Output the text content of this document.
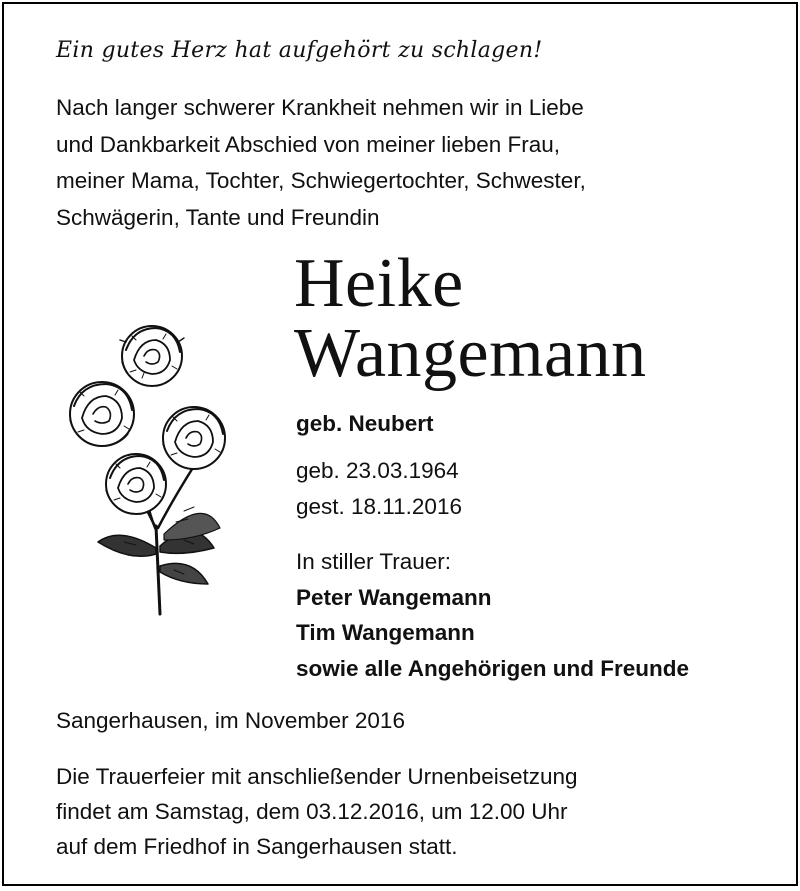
Ein gutes Herz hat aufgehört zu schlagen!
Nach langer schwerer Krankheit nehmen wir in Liebe
und Dankbarkeit Abschied von meiner lieben Frau,
meiner Mama, Tochter, Schwiegertochter, Schwester,
Schwägerin, Tante und Freundin
Heike
Wangemann
geb. Neubert
geb. 23.03.1964
gest. 18.11.2016
In stiller Trauer:
Peter Wangemann
Tim Wangemann
sowie alle Angehörigen und Freunde
Sangerhausen, im November 2016
Die Trauerfeier mit anschließender Urnenbeisetzung
findet am Samstag, dem 03.12.2016, um 12.00 Uhr
auf dem Friedhof in Sangerhausen statt.
